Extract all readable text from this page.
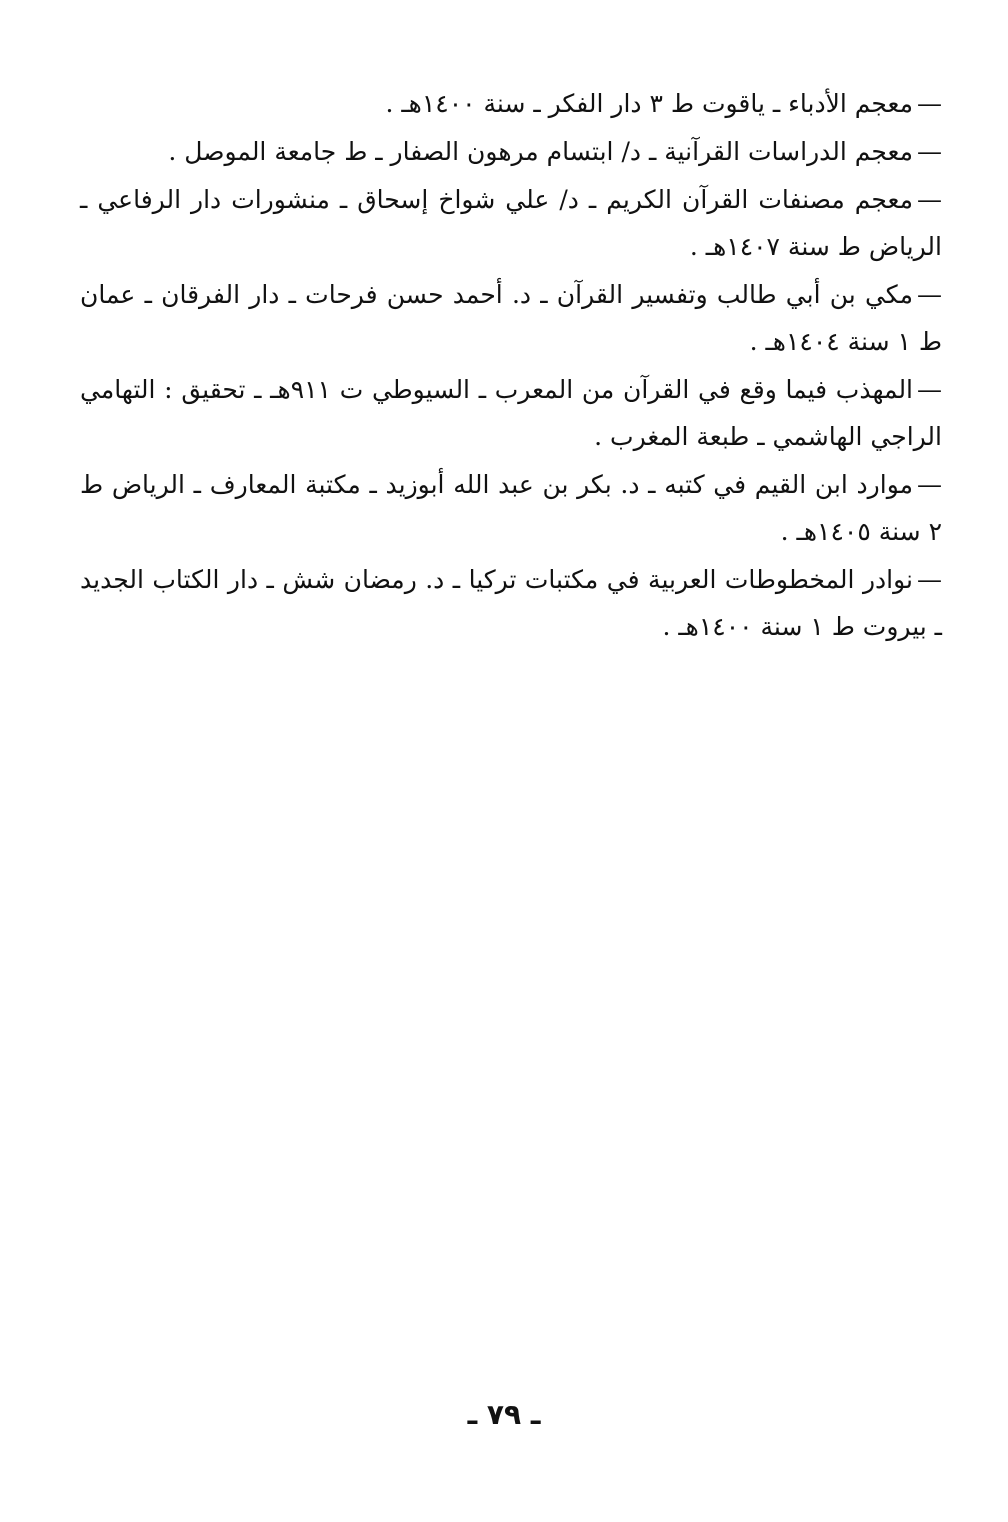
—معجم الأدباء ـ ياقوت ط ٣ دار الفكر ـ سنة ١٤٠٠هـ .

—معجم الدراسات القرآنية ـ د/ ابتسام مرهون الصفار ـ ط جامعة الموصل .

—معجم مصنفات القرآن الكريم ـ د/ علي شواخ إسحاق ـ منشورات دار الرفاعي ـ الرياض ط سنة ١٤٠٧هـ .

—مكي بن أبي طالب وتفسير القرآن ـ د. أحمد حسن فرحات ـ دار الفرقان ـ عمان ط ١ سنة ١٤٠٤هـ .

—المهذب فيما وقع في القرآن من المعرب ـ السيوطي ت ٩١١هـ ـ تحقيق : التهامي الراجي الهاشمي ـ طبعة المغرب .

—موارد ابن القيم في كتبه ـ د. بكر بن عبد الله أبوزيد ـ مكتبة المعارف ـ الرياض ط ٢ سنة ١٤٠٥هـ .

—نوادر المخطوطات العربية في مكتبات تركيا ـ د. رمضان شش ـ دار الكتاب الجديد ـ بيروت ط ١ سنة ١٤٠٠هـ .

ـ ٧٩ ـ
